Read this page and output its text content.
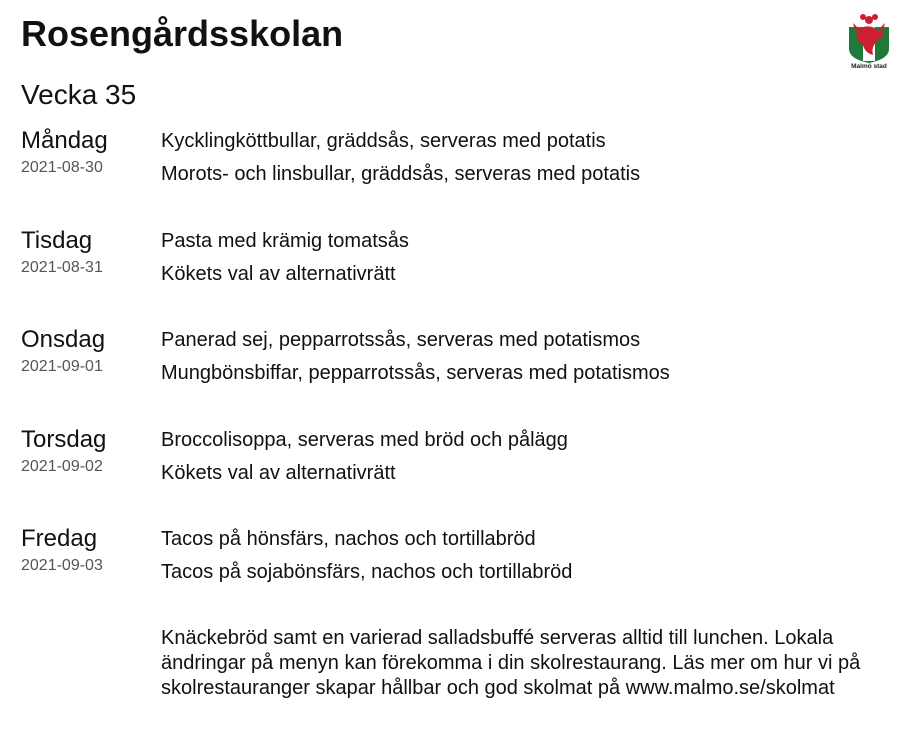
Rosengårdsskolan
Malmö stad
Vecka 35
Måndag
2021-08-30
Kycklingköttbullar, gräddsås, serveras med potatis
Morots- och linsbullar, gräddsås, serveras med potatis
Tisdag
2021-08-31
Pasta med krämig tomatsås
Kökets val av alternativrätt
Onsdag
2021-09-01
Panerad sej, pepparrotssås, serveras med potatismos
Mungbönsbiffar, pepparrotssås, serveras med potatismos
Torsdag
2021-09-02
Broccolisoppa, serveras med bröd och pålägg
Kökets val av alternativrätt
Fredag
2021-09-03
Tacos på hönsfärs, nachos och tortillabröd
Tacos på sojabönsfärs, nachos och tortillabröd

Knäckebröd samt en varierad salladsbuffé serveras alltid till lunchen. Lokala ändringar på menyn kan förekomma i din skolrestaurang. Läs mer om hur vi på skolrestauranger skapar hållbar och god skolmat på www.malmo.se/skolmat
